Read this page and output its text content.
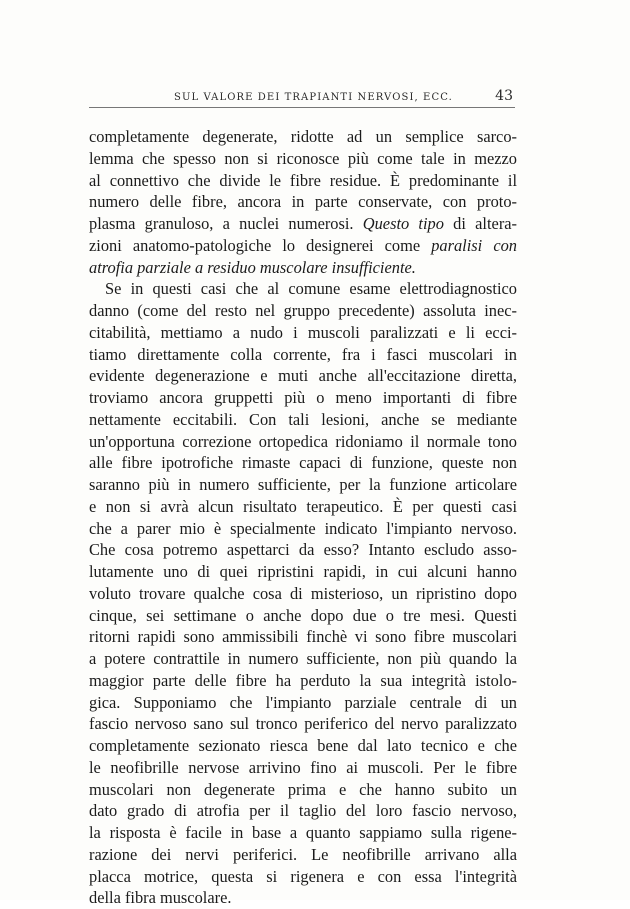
SUL VALORE DEI TRAPIANTI NERVOSI, ECC.	43
completamente degenerate, ridotte ad un semplice sarco-
lemma che spesso non si riconosce più come tale in mezzo
al connettivo che divide le fibre residue. È predominante il
numero delle fibre, ancora in parte conservate, con proto-
plasma granuloso, a nuclei numerosi. Questo tipo di altera-
zioni anatomo-patologiche lo designerei come paralisi con
atrofia parziale a residuo muscolare insufficiente.
Se in questi casi che al comune esame elettrodiagnostico
danno (come del resto nel gruppo precedente) assoluta inec-
citabilità, mettiamo a nudo i muscoli paralizzati e li ecci-
tiamo direttamente colla corrente, fra i fasci muscolari in
evidente degenerazione e muti anche all'eccitazione diretta,
troviamo ancora gruppetti più o meno importanti di fibre
nettamente eccitabili. Con tali lesioni, anche se mediante
un'opportuna correzione ortopedica ridoniamo il normale tono
alle fibre ipotrofiche rimaste capaci di funzione, queste non
saranno più in numero sufficiente, per la funzione articolare
e non si avrà alcun risultato terapeutico. È per questi casi
che a parer mio è specialmente indicato l'impianto nervoso.
Che cosa potremo aspettarci da esso? Intanto escludo asso-
lutamente uno di quei ripristini rapidi, in cui alcuni hanno
voluto trovare qualche cosa di misterioso, un ripristino dopo
cinque, sei settimane o anche dopo due o tre mesi. Questi
ritorni rapidi sono ammissibili finchè vi sono fibre muscolari
a potere contrattile in numero sufficiente, non più quando la
maggior parte delle fibre ha perduto la sua integrità istolo-
gica. Supponiamo che l'impianto parziale centrale di un
fascio nervoso sano sul tronco periferico del nervo paralizzato
completamente sezionato riesca bene dal lato tecnico e che
le neofibrille nervose arrivino fino ai muscoli. Per le fibre
muscolari non degenerate prima e che hanno subito un
dato grado di atrofia per il taglio del loro fascio nervoso,
la risposta è facile in base a quanto sappiamo sulla rigene-
razione dei nervi periferici. Le neofibrille arrivano alla
placca motrice, questa si rigenera e con essa l'integrità
della fibra muscolare.
